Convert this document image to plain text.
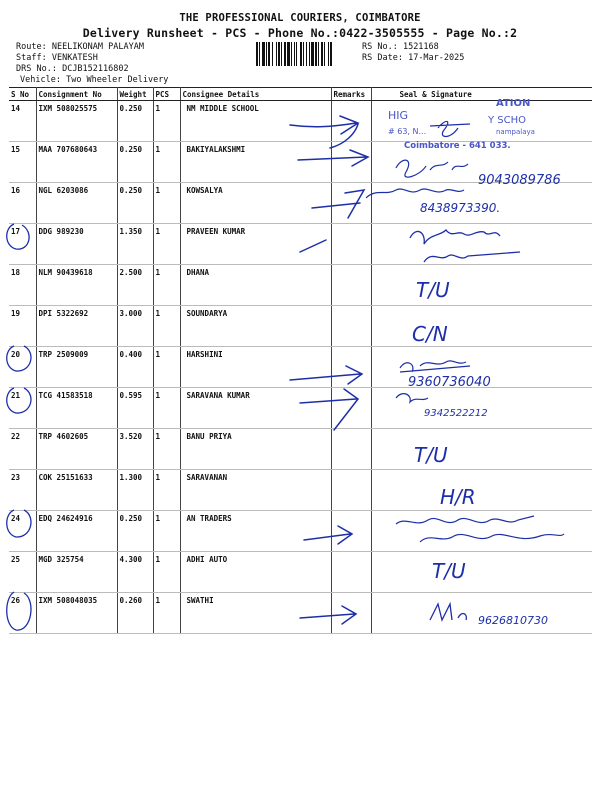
THE PROFESSIONAL COURIERS, COIMBATORE
Delivery Runsheet - PCS - Phone No.:0422-3505555 - Page No.:2
Route: NEELIKONAM PALAYAM
Staff: VENKATESH
DRS No.: DCJB152116802
Vehicle: Two Wheeler Delivery
RS No.: 1521168
RS Date: 17-Mar-2025
S No	Consignment No	Weight	PCS	Consignee Details	Remarks	Seal & Signature
14	IXM 508025575	0.250	1	NM MIDDLE SCHOOL		
15	MAA 707680643	0.250	1	BAKIYALAKSHMI		
16	NGL 6203086	0.250	1	KOWSALYA		
17	DDG 989230	1.350	1	PRAVEEN KUMAR		
18	NLM 90439618	2.500	1	DHANA		
19	DPI 5322692	3.000	1	SOUNDARYA		
20	TRP 2509009	0.400	1	HARSHINI		
21	TCG 41583518	0.595	1	SARAVANA KUMAR		
22	TRP 4602605	3.520	1	BANU PRIYA		
23	COK 25151633	1.300	1	SARAVANAN		
24	EDQ 24624916	0.250	1	AN TRADERS		
25	MGD 325754	4.300	1	ADHI AUTO		
26	IXM 508048035	0.260	1	SWATHI		
HIG
# 63, N...
Coimbatore - 641 033.
ATION
Y SCHO
nampalaya
9043089786
8438973390.
T/U
C/N
9360736040
9342522212
T/U
H/R
T/U
9626810730
